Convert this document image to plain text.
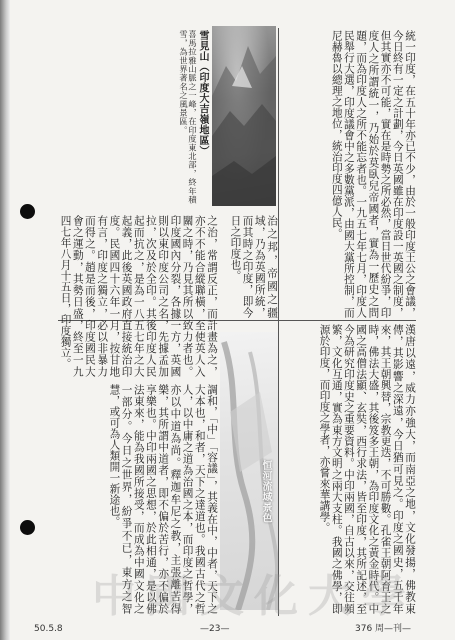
雪見山（印度大吉嶺地區）
喜馬拉雅山脈之一峰，在印度東北部，終年積雪，為世界著名之風景區。
恒河流域景色
統一印度，在五十年亦已不少，由於一般印度王公之會議，今日終有一定之計劃，今日英國雖在印度設一英國之制度，但其實亦不可能，實在是時勢之所必然，當日世代紛爭，印度人之所謂統一，乃始於莫臥兒帝國者，實為一歷史之問題，而為印度人之所不能忘者也。一九五七年七月，印度人民舉行大選，印度議會中之多數黨派，由國大黨所控制，而尼赫魯以總理之地位，統治印度四億人民。
治之邦，帝國之疆域，乃為英國所統，而其時之印度，即今日之印度也。
之治，常謂反正，而計畫為之，亦不不能合縱聯橫，至使英人入關之時，乃見其所以致力者也。印度國內分裂，各據一方，英國則以東印度公司之名，先據孟加拉，次及於全印。其後印度人民起而抗之，是為一八五七年之大起義，此後英國政府直接統治印度。民國四十六年一月，按甘地有言，印度之獨立，必以非暴力而得之。趙是而後，印度國民大會之運動，其勢日盛，終至一九四七年八月十五日，印度獨立。
漢唐以遠，威力亦強大，而南亞之地，文化發揚，佛教東傳，其影響之深遠，今日猶可見之。印度之國史，五千年來，其王朝興替，宗教更迭，不可勝數。孔雀王朝阿育王之時，佛法大盛，其後笈多王朝，為印度文化之黃金時代。中國之高僧法顯、玄奘，西行求法，皆至印度，其所記述，至今為研究印度史之重要資料。中印兩國，自古以來，交往頻繁，文化互通，實為東方文明之兩大支柱。我國之佛學，即源於印度，而印度之學者，亦嘗來華講學。
調和，「中」「容議」，其義在中，中者，天下之大本也，和者，天下之達道也。我國古代之哲人，以中庸之道為治國之本，而印度之哲學，亦以中道為尚。釋迦牟尼之教，主張離苦得樂，其所謂中道者，即不偏於苦行，亦不偏於享樂也。中印兩國之思想，於此相通，是以佛法東來，能為我國所接受，而成為中國文化之一部分。今日之世界，紛爭不已，東方之智慧，或可為人類開一新途也。
中國文化大學
50.5.8	—23—	376 周—刊—
